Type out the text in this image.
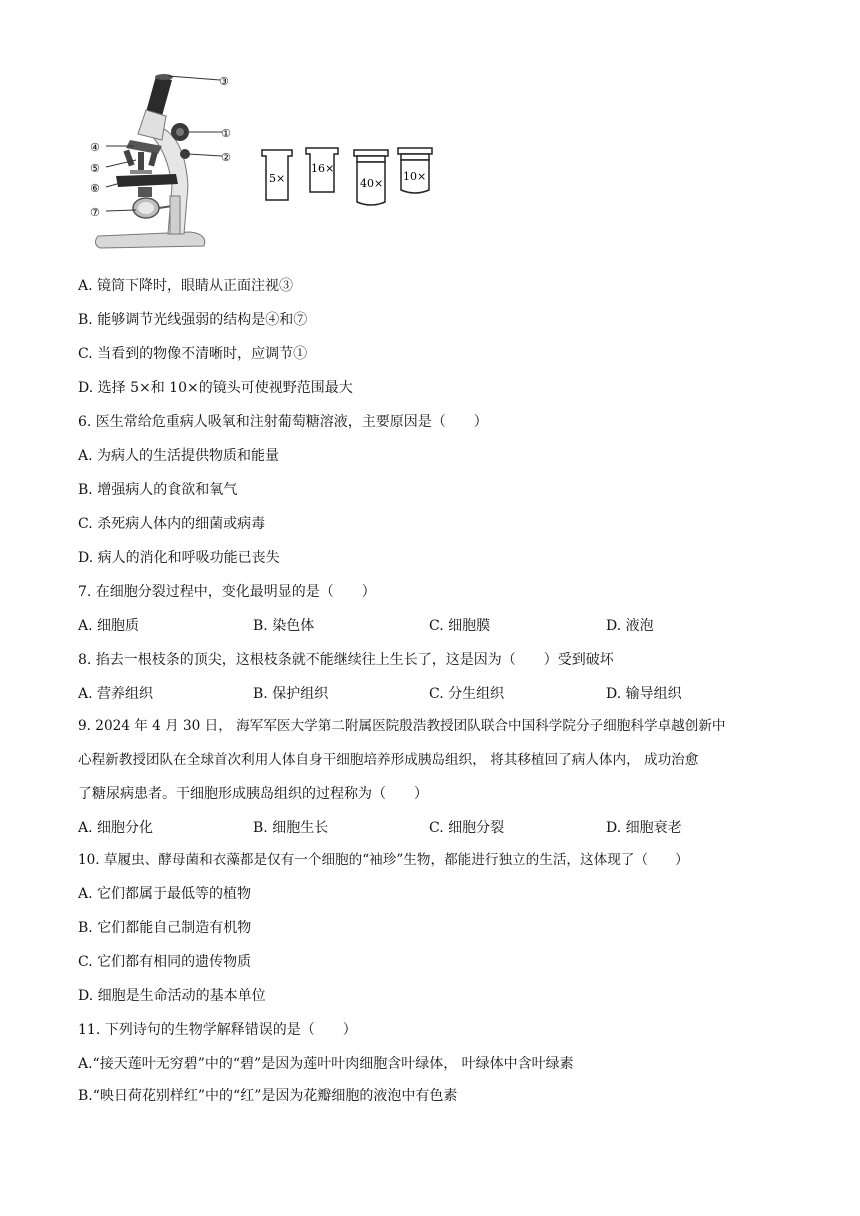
③
①
②
④
⑤
⑥
⑦
5×
16×
40×
10×
A. 镜筒下降时，眼睛从正面注视③
B. 能够调节光线强弱的结构是④和⑦
C. 当看到的物像不清晰时，应调节①
D. 选择 5×和 10×的镜头可使视野范围最大
6. 医生常给危重病人吸氧和注射葡萄糖溶液，主要原因是（　　）
A. 为病人的生活提供物质和能量
B. 增强病人的食欲和氧气
C. 杀死病人体内的细菌或病毒
D. 病人的消化和呼吸功能已丧失
7. 在细胞分裂过程中，变化最明显的是（　　）
A. 细胞质	B. 染色体	C. 细胞膜	D. 液泡
8. 掐去一根枝条的顶尖，这根枝条就不能继续往上生长了，这是因为（　　）受到破坏
A. 营养组织	B. 保护组织	C. 分生组织	D. 输导组织
9. 2024 年 4 月 30 日， 海军军医大学第二附属医院殷浩教授团队联合中国科学院分子细胞科学卓越创新中
心程新教授团队在全球首次利用人体自身干细胞培养形成胰岛组织， 将其移植回了病人体内， 成功治愈
了糖尿病患者。干细胞形成胰岛组织的过程称为（　　）
A. 细胞分化	B. 细胞生长	C. 细胞分裂	D. 细胞衰老
10. 草履虫、酵母菌和衣藻都是仅有一个细胞的“袖珍”生物，都能进行独立的生活，这体现了（　　）
A. 它们都属于最低等的植物
B. 它们都能自己制造有机物
C. 它们都有相同的遗传物质
D. 细胞是生命活动的基本单位
11. 下列诗句的生物学解释错误的是（　　）
A.“接天莲叶无穷碧”中的“碧”是因为莲叶叶肉细胞含叶绿体， 叶绿体中含叶绿素
B.“映日荷花别样红”中的“红”是因为花瓣细胞的液泡中有色素
